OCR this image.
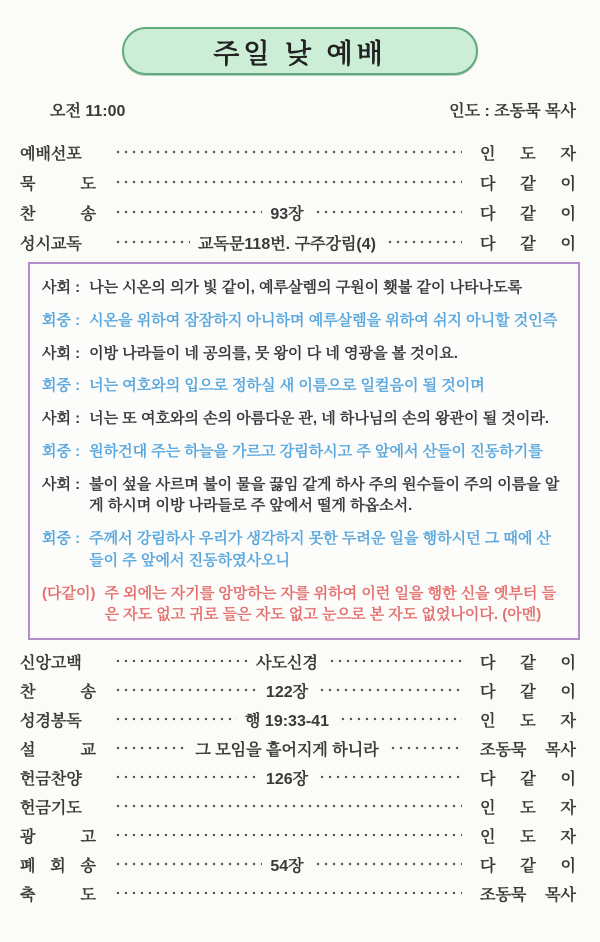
주일 낮 예배
오전 11:00	인도 : 조동묵 목사
예배선포	인 도 자
묵 도	다 같 이
찬 송	93장	다 같 이
성시교독	교독문118번. 구주강림(4)	다 같 이
사회 : 나는 시온의 의가 빛 같이, 예루살렘의 구원이 횃불 같이 나타나도록
회중 : 시온을 위하여 잠잠하지 아니하며 예루살렘을 위하여 쉬지 아니할 것인즉
사회 : 이방 나라들이 네 공의를, 뭇 왕이 다 네 영광을 볼 것이요.
회중 : 너는 여호와의 입으로 정하실 새 이름으로 일컬음이 될 것이며
사회 : 너는 또 여호와의 손의 아름다운 관, 네 하나님의 손의 왕관이 될 것이라.
회중 : 원하건대 주는 하늘을 가르고 강림하시고 주 앞에서 산들이 진동하기를
사회 : 불이 섶을 사르며 불이 물을 끓임 같게 하사 주의 원수들이 주의 이름을 알게 하시며 이방 나라들로 주 앞에서 떨게 하옵소서.
회중 : 주께서 강림하사 우리가 생각하지 못한 두려운 일을 행하시던 그 때에 산들이 주 앞에서 진동하였사오니
(다같이) 주 외에는 자기를 앙망하는 자를 위하여 이런 일을 행한 신을 옛부터 들은 자도 없고 귀로 들은 자도 없고 눈으로 본 자도 없었나이다. (아멘)
신앙고백	사도신경	다 같 이
찬 송	122장	다 같 이
성경봉독	행 19:33-41	인 도 자
설 교	그 모임을 흩어지게 하니라	조동묵 목사
헌금찬양	126장	다 같 이
헌금기도	인 도 자
광 고	인 도 자
폐 회 송	54장	다 같 이
축 도	조동묵 목사
